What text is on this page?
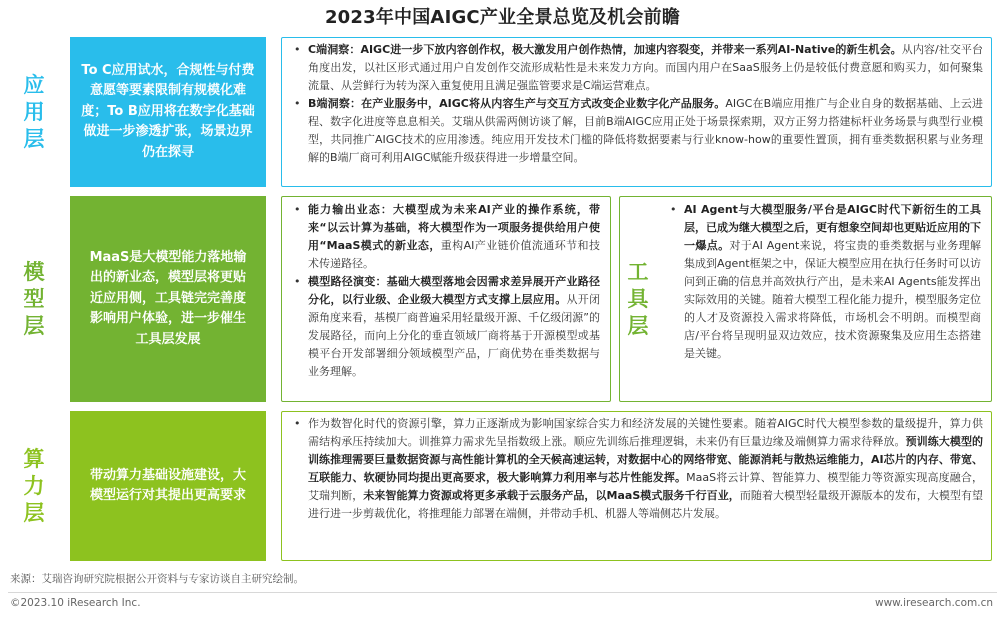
2023年中国AIGC产业全景总览及机会前瞻
应
用
层
To C应用试水，合规性与付费意愿等要素限制有规模化难度；To B应用将在数字化基础做进一步渗透扩张，场景边界仍在探寻
• C端洞察：AIGC进一步下放内容创作权，极大激发用户创作热情，加速内容裂变，并带来一系列AI-Native的新生机会。从内容/社交平台角度出发，以社区形式通过用户自发创作交流形成粘性是未来发力方向。而国内用户在SaaS服务上仍是较低付费意愿和购买力，如何聚集流量、从尝鲜行为转为深入重复使用且满足强监管要求是C端运营难点。
• B端洞察：在产业服务中，AIGC将从内容生产与交互方式改变企业数字化产品服务。AIGC在B端应用推广与企业自身的数据基础、上云进程、数字化进度等息息相关。艾瑞从供需两侧访谈了解，目前B端AIGC应用正处于场景探索期，双方正努力搭建标杆业务场景与典型行业模型，共同推广AIGC技术的应用渗透。纯应用开发技术门槛的降低将数据要素与行业know-how的重要性置顶，拥有垂类数据积累与业务理解的B端厂商可利用AIGC赋能升级获得进一步增量空间。
模
型
层
MaaS是大模型能力落地输出的新业态，模型层将更贴近应用侧，工具链完完善度影响用户体验，进一步催生工具层发展
• 能力输出业态：大模型成为未来AI产业的操作系统，带来“以云计算为基础，将大模型作为一项服务提供给用户使用“MaaS模式的新业态，重构AI产业链价值流通环节和技术传递路径。
• 模型路径演变：基础大模型落地会因需求差异展开产业路径分化，以行业级、企业级大模型方式支撑上层应用。从开闭源角度来看，基模厂商普遍采用轻量级开源、千亿级闭源”的发展路径，而向上分化的垂直领域厂商将基于开源模型或基模平台开发部署细分领域模型产品，厂商优势在垂类数据与业务理解。
工
具
层
• AI Agent与大模型服务/平台是AIGC时代下新衍生的工具层，已成为继大模型之后，更有想象空间却也更贴近应用的下一爆点。对于AI Agent来说，将宝贵的垂类数据与业务理解集成到Agent框架之中，保证大模型应用在执行任务时可以访问到正确的信息并高效执行产出，是未来AI Agents能发挥出实际效用的关键。随着大模型工程化能力提升，模型服务定位的人才及资源投入需求将降低，市场机会不明朗。而模型商店/平台将呈现明显双边效应，技术资源聚集及应用生态搭建是关键。
算
力
层
带动算力基础设施建设，大模型运行对其提出更高要求
• 作为数智化时代的资源引擎，算力正逐渐成为影响国家综合实力和经济发展的关键性要素。随着AIGC时代大模型参数的量级提升，算力供需结构承压持续加大。训推算力需求先呈指数级上涨。顺应先训练后推理逻辑，未来仍有巨量边缘及端侧算力需求待释放。预训练大模型的训练推理需要巨量数据资源与高性能计算机的全天候高速运转，对数据中心的网络带宽、能源消耗与散热运维能力，AI芯片的内存、带宽、互联能力、软硬协同均提出更高要求，极大影响算力利用率与芯片性能发挥。MaaS将云计算、智能算力、模型能力等资源实现高度融合，艾瑞判断，未来智能算力资源或将更多承载于云服务产品，以MaaS模式服务千行百业，而随着大模型轻量级开源版本的发布，大模型有望进行进一步剪裁优化，将推理能力部署在端侧，并带动手机、机器人等端侧芯片发展。
来源：艾瑞咨询研究院根据公开资料与专家访谈自主研究绘制。
©2023.10 iResearch Inc.	www.iresearch.com.cn
